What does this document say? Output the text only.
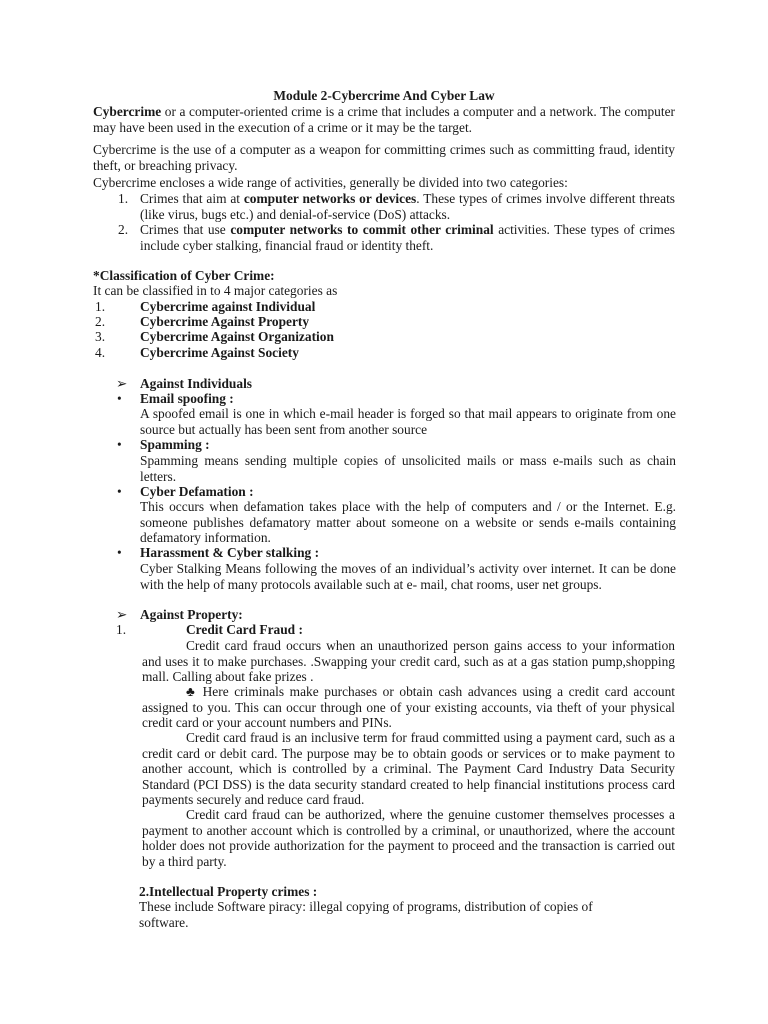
Module 2-Cybercrime And Cyber Law
Cybercrime or a computer-oriented crime is a crime that includes a computer and a network. The computer may have been used in the execution of a crime or it may be the target.
Cybercrime is the use of a computer as a weapon for committing crimes such as committing fraud, identity theft, or breaching privacy.
Cybercrime encloses a wide range of activities, generally be divided into two categories:
1. Crimes that aim at computer networks or devices. These types of crimes involve different threats (like virus, bugs etc.) and denial-of-service (DoS) attacks.
2. Crimes that use computer networks to commit other criminal activities. These types of crimes include cyber stalking, financial fraud or identity theft.
*Classification of Cyber Crime:
It can be classified in to 4 major categories as
1.	Cybercrime against Individual
2.	Cybercrime Against Property
3.	Cybercrime Against Organization
4.	Cybercrime Against Society
➢ Against Individuals
• Email spoofing :
A spoofed email is one in which e-mail header is forged so that mail appears to originate from one source but actually has been sent from another source
• Spamming :
Spamming means sending multiple copies of unsolicited mails or mass e-mails such as chain letters.
• Cyber Defamation :
This occurs when defamation takes place with the help of computers and / or the Internet. E.g. someone publishes defamatory matter about someone on a website or sends e-mails containing defamatory information.
• Harassment & Cyber stalking :
Cyber Stalking Means following the moves of an individual’s activity over internet. It can be done with the help of many protocols available such at e- mail, chat rooms, user net groups.
➢ Against Property:
1.	Credit Card Fraud :
Credit card fraud occurs when an unauthorized person gains access to your information and uses it to make purchases. .Swapping your credit card, such as at a gas station pump,shopping mall. Calling about fake prizes .
♣ Here criminals make purchases or obtain cash advances using a credit card account assigned to you. This can occur through one of your existing accounts, via theft of your physical credit card or your account numbers and PINs.
Credit card fraud is an inclusive term for fraud committed using a payment card, such as a credit card or debit card. The purpose may be to obtain goods or services or to make payment to another account, which is controlled by a criminal. The Payment Card Industry Data Security Standard (PCI DSS) is the data security standard created to help financial institutions process card payments securely and reduce card fraud.
Credit card fraud can be authorized, where the genuine customer themselves processes a payment to another account which is controlled by a criminal, or unauthorized, where the account holder does not provide authorization for the payment to proceed and the transaction is carried out by a third party.
2.Intellectual Property crimes :
These include Software piracy: illegal copying of programs, distribution of copies of software.
